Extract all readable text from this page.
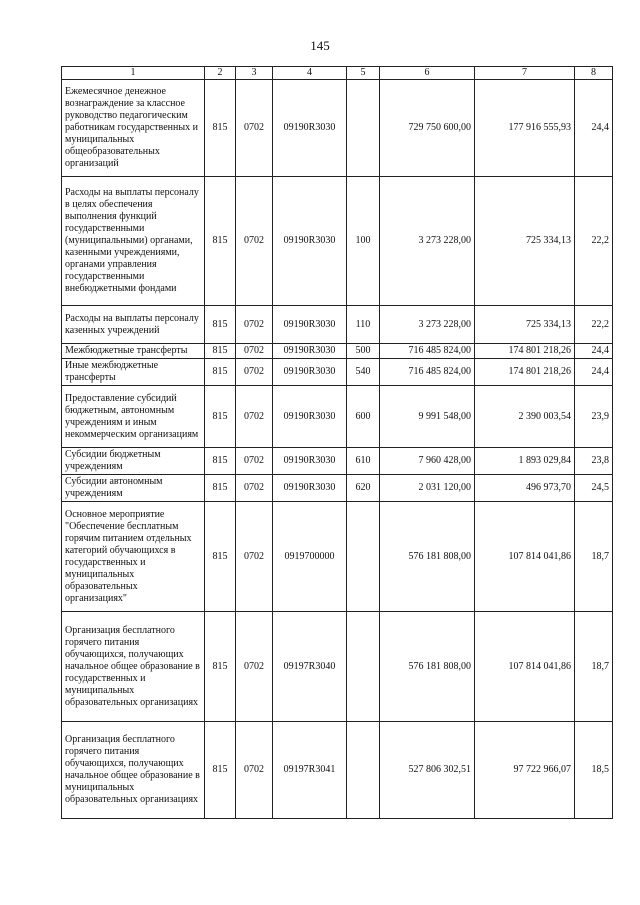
145
1	2	3	4	5	6	7	8
Ежемесячное денежное вознаграждение за классное руководство педагогическим работникам государственных и муниципальных общеобразовательных организаций	815	0702	09190R3030		729 750 600,00	177 916 555,93	24,4
Расходы на выплаты персоналу в целях обеспечения выполнения функций государственными (муниципальными) органами, казенными учреждениями, органами управления государственными внебюджетными фондами	815	0702	09190R3030	100	3 273 228,00	725 334,13	22,2
Расходы на выплаты персоналу казенных учреждений	815	0702	09190R3030	110	3 273 228,00	725 334,13	22,2
Межбюджетные трансферты	815	0702	09190R3030	500	716 485 824,00	174 801 218,26	24,4
Иные межбюджетные трансферты	815	0702	09190R3030	540	716 485 824,00	174 801 218,26	24,4
Предоставление субсидий бюджетным, автономным учреждениям и иным некоммерческим организациям	815	0702	09190R3030	600	9 991 548,00	2 390 003,54	23,9
Субсидии бюджетным учреждениям	815	0702	09190R3030	610	7 960 428,00	1 893 029,84	23,8
Субсидии автономным учреждениям	815	0702	09190R3030	620	2 031 120,00	496 973,70	24,5
Основное мероприятие "Обеспечение бесплатным горячим питанием отдельных категорий обучающихся в государственных и муниципальных образовательных организациях"	815	0702	0919700000		576 181 808,00	107 814 041,86	18,7
Организация бесплатного горячего питания обучающихся, получающих начальное общее образование в государственных и муниципальных образовательных организациях	815	0702	09197R3040		576 181 808,00	107 814 041,86	18,7
Организация бесплатного горячего питания обучающихся, получающих начальное общее образование в муниципальных образовательных организациях	815	0702	09197R3041		527 806 302,51	97 722 966,07	18,5
